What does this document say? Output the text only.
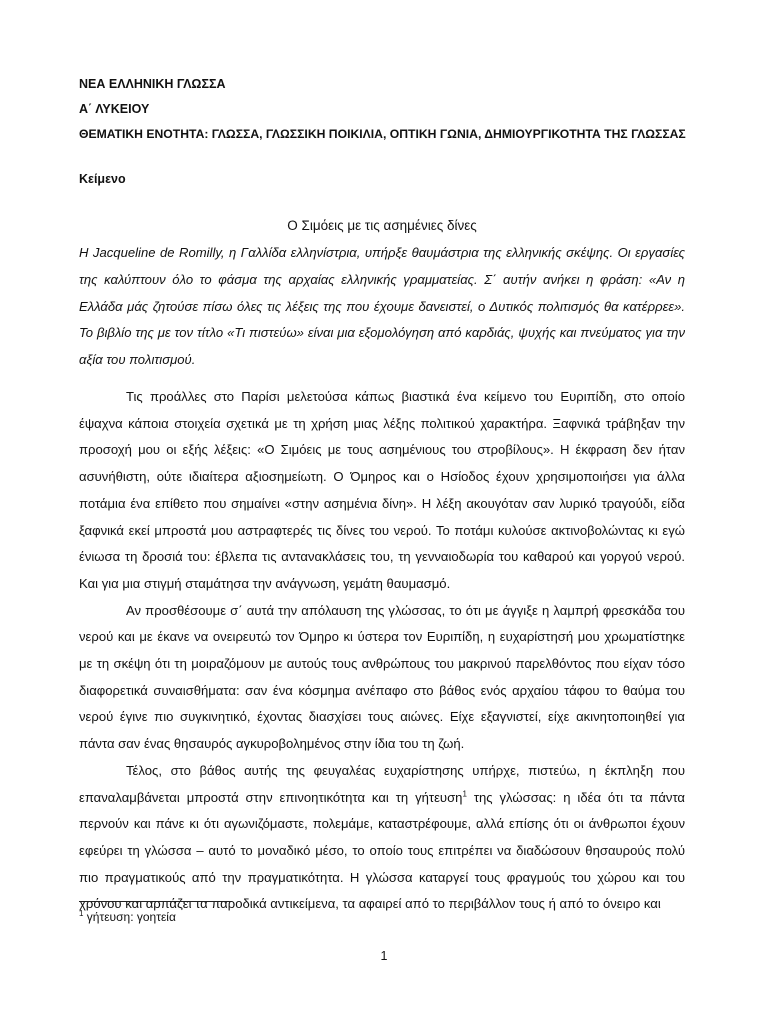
ΝΕΑ ΕΛΛΗΝΙΚΗ ΓΛΩΣΣΑ
Α΄ ΛΥΚΕΙΟΥ
ΘΕΜΑΤΙΚΗ ΕΝΟΤΗΤΑ: ΓΛΩΣΣΑ, ΓΛΩΣΣΙΚΗ ΠΟΙΚΙΛΙΑ, ΟΠΤΙΚΗ ΓΩΝΙΑ, ΔΗΜΙΟΥΡΓΙΚΟΤΗΤΑ ΤΗΣ ΓΛΩΣΣΑΣ
Κείμενο
Ο Σιμόεις με τις ασημένιες δίνες

Η Jacqueline de Romilly, η Γαλλίδα ελληνίστρια, υπήρξε θαυμάστρια της ελληνικής σκέψης. Οι εργασίες της καλύπτουν όλο το φάσμα της αρχαίας ελληνικής γραμματείας. Σ΄ αυτήν ανήκει η φράση: «Αν η Ελλάδα μάς ζητούσε πίσω όλες τις λέξεις της που έχουμε δανειστεί, ο Δυτικός πολιτισμός θα κατέρρεε». Το βιβλίο της με τον τίτλο «Τι πιστεύω» είναι μια εξομολόγηση από καρδιάς, ψυχής και πνεύματος για την αξία του πολιτισμού.

Τις προάλλες στο Παρίσι μελετούσα κάπως βιαστικά ένα κείμενο του Ευριπίδη, στο οποίο έψαχνα κάποια στοιχεία σχετικά με τη χρήση μιας λέξης πολιτικού χαρακτήρα. Ξαφνικά τράβηξαν την προσοχή μου οι εξής λέξεις: «Ο Σιμόεις με τους ασημένιους του στροβίλους». Η έκφραση δεν ήταν ασυνήθιστη, ούτε ιδιαίτερα αξιοσημείωτη. Ο Όμηρος και ο Ησίοδος έχουν χρησιμοποιήσει για άλλα ποτάμια ένα επίθετο που σημαίνει «στην ασημένια δίνη». Η λέξη ακουγόταν σαν λυρικό τραγούδι, είδα ξαφνικά εκεί μπροστά μου αστραφτερές τις δίνες του νερού. Το ποτάμι κυλούσε ακτινοβολώντας κι εγώ ένιωσα τη δροσιά του: έβλεπα τις αντανακλάσεις του, τη γενναιοδωρία του καθαρού και γοργού νερού. Και για μια στιγμή σταμάτησα την ανάγνωση, γεμάτη θαυμασμό.

Αν προσθέσουμε σ΄ αυτά την απόλαυση της γλώσσας, το ότι με άγγιξε η λαμπρή φρεσκάδα του νερού και με έκανε να ονειρευτώ τον Όμηρο κι ύστερα τον Ευριπίδη, η ευχαρίστησή μου χρωματίστηκε με τη σκέψη ότι τη μοιραζόμουν με αυτούς τους ανθρώπους του μακρινού παρελθόντος που είχαν τόσο διαφορετικά συναισθήματα: σαν ένα κόσμημα ανέπαφο στο βάθος ενός αρχαίου τάφου το θαύμα του νερού έγινε πιο συγκινητικό, έχοντας διασχίσει τους αιώνες. Είχε εξαγνιστεί, είχε ακινητοποιηθεί για πάντα σαν ένας θησαυρός αγκυροβολημένος στην ίδια του τη ζωή.

Τέλος, στο βάθος αυτής της φευγαλέας ευχαρίστησης υπήρχε, πιστεύω, η έκπληξη που επαναλαμβάνεται μπροστά στην επινοητικότητα και τη γήτευση$^1$ της γλώσσας: η ιδέα ότι τα πάντα περνούν και πάνε κι ότι αγωνιζόμαστε, πολεμάμε, καταστρέφουμε, αλλά επίσης ότι οι άνθρωποι έχουν εφεύρει τη γλώσσα – αυτό το μοναδικό μέσο, το οποίο τους επιτρέπει να διαδώσουν θησαυρούς πολύ πιο πραγματικούς από την πραγματικότητα. Η γλώσσα καταργεί τους φραγμούς του χώρου και του χρόνου και αρπάζει τα παροδικά αντικείμενα, τα αφαιρεί από το περιβάλλον τους ή από το όνειρο και

$^1$ γήτευση: γοητεία
1
